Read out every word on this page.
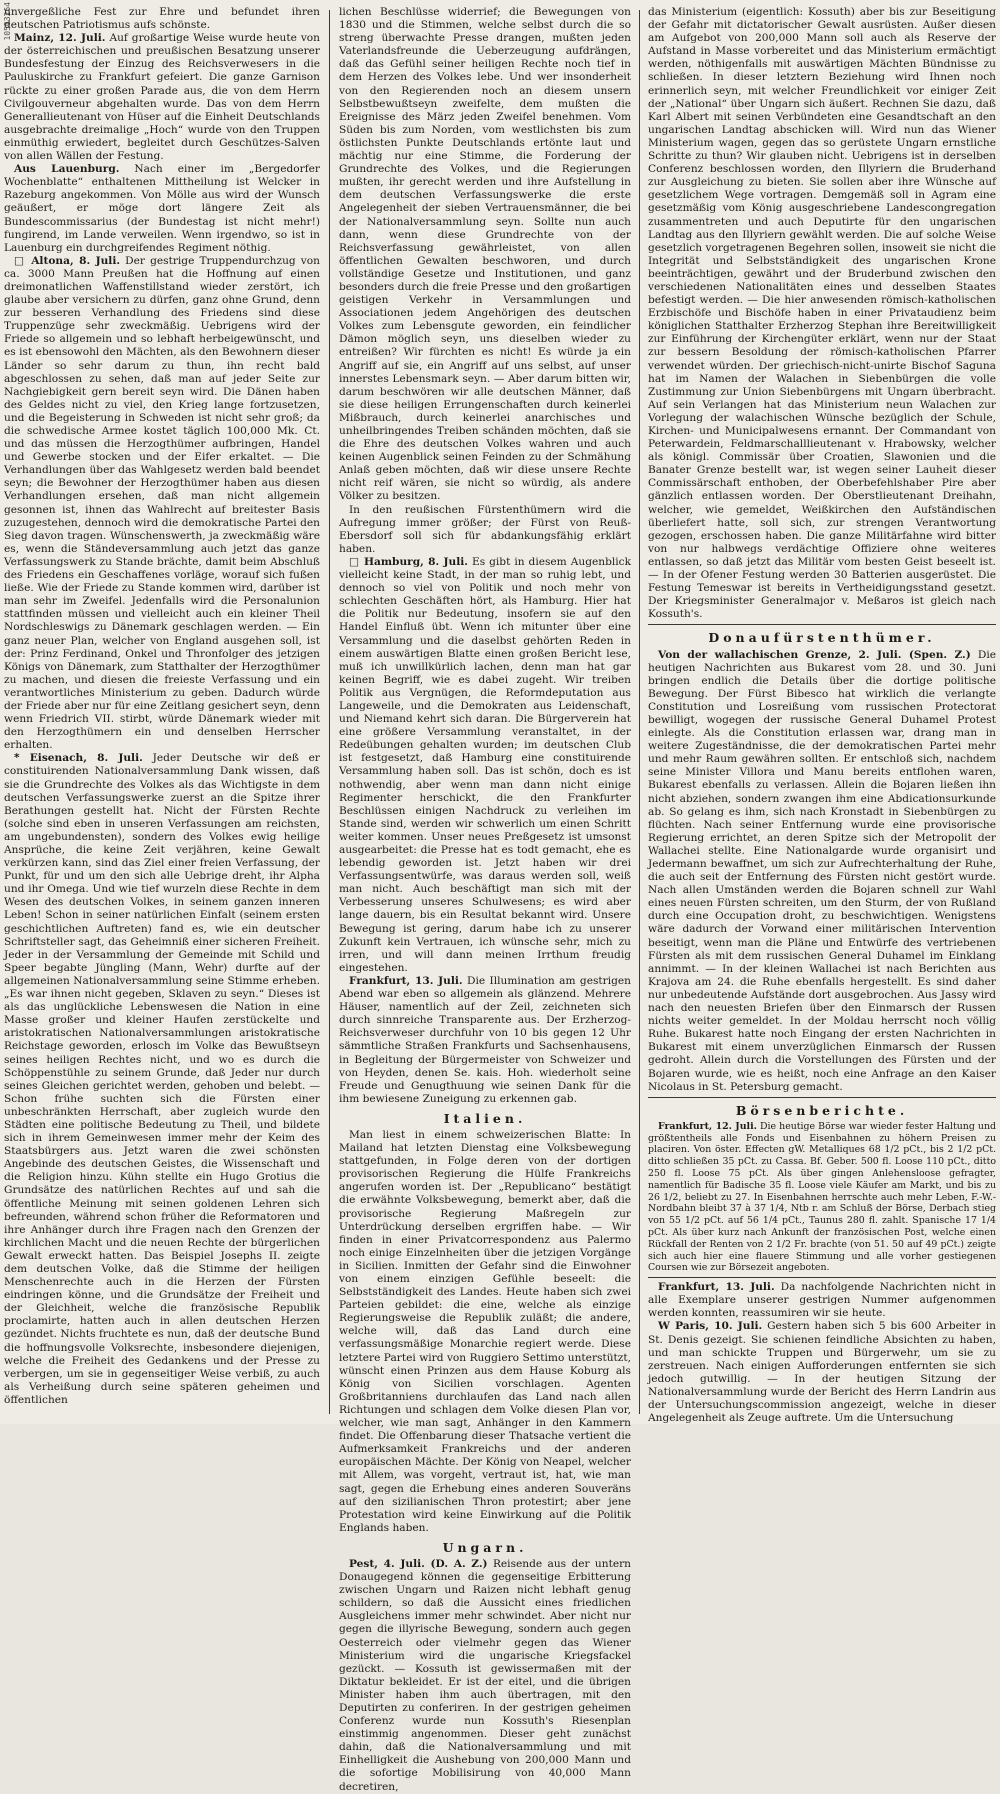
10503264

unvergeßliche Fest zur Ehre und befundet ihren deutschen Patriotismus aufs schönste.

Mainz, 12. Juli. Auf großartige Weise wurde heute von der österreichischen und preußischen Besatzung unserer Bundesfestung der Einzug des Reichsverwesers in die Pauluskirche zu Frankfurt gefeiert. Die ganze Garnison rückte zu einer großen Parade aus, die von dem Herrn Civilgouverneur abgehalten wurde. Das von dem Herrn Generallieutenant von Hüser auf die Einheit Deutschlands ausgebrachte dreimalige „Hoch“ wurde von den Truppen einmüthig erwiedert, begleitet durch Geschützes-Salven von allen Wällen der Festung.

Aus Lauenburg. Nach einer im „Bergedorfer Wochenblatte“ enthaltenen Mittheilung ist Welcker in Razeburg angekommen. Von Mölle aus wird der Wunsch geäußert, er möge dort längere Zeit als Bundescommissarius (der Bundestag ist nicht mehr!) fungirend, im Lande verweilen. Wenn irgendwo, so ist in Lauenburg ein durchgreifendes Regiment nöthig.

□ Altona, 8. Juli. Der gestrige Truppendurchzug von ca. 3000 Mann Preußen hat die Hoffnung auf einen dreimonatlichen Waffenstillstand wieder zerstört, ich glaube aber versichern zu dürfen, ganz ohne Grund, denn zur besseren Verhandlung des Friedens sind diese Truppenzüge sehr zweckmäßig. Uebrigens wird der Friede so allgemein und so lebhaft herbeigewünscht, und es ist ebensowohl den Mächten, als den Bewohnern dieser Länder so sehr darum zu thun, ihn recht bald abgeschlossen zu sehen, daß man auf jeder Seite zur Nachgiebigkeit gern bereit seyn wird. Die Dänen haben des Geldes nicht zu viel, den Krieg lange fortzusetzen, und die Begeisterung in Schweden ist nicht sehr groß; da die schwedische Armee kostet täglich 100,000 Mk. Ct. und das müssen die Herzogthümer aufbringen, Handel und Gewerbe stocken und der Eifer erkaltet. — Die Verhandlungen über das Wahlgesetz werden bald beendet seyn; die Bewohner der Herzogthümer haben aus diesen Verhandlungen ersehen, daß man nicht allgemein gesonnen ist, ihnen das Wahlrecht auf breitester Basis zuzugestehen, dennoch wird die demokratische Partei den Sieg davon tragen. Wünschenswerth, ja zweckmäßig wäre es, wenn die Ständeversammlung auch jetzt das ganze Verfassungswerk zu Stande brächte, damit beim Abschluß des Friedens ein Geschaffenes vorläge, worauf sich fußen ließe. Wie der Friede zu Stande kommen wird, darüber ist man sehr im Zweifel. Jedenfalls wird die Personalunion stattfinden müssen und vielleicht auch ein kleiner Theil Nordschleswigs zu Dänemark geschlagen werden. — Ein ganz neuer Plan, welcher von England ausgehen soll, ist der: Prinz Ferdinand, Onkel und Thronfolger des jetzigen Königs von Dänemark, zum Statthalter der Herzogthümer zu machen, und diesen die freieste Verfassung und ein verantwortliches Ministerium zu geben. Dadurch würde der Friede aber nur für eine Zeitlang gesichert seyn, denn wenn Friedrich VII. stirbt, würde Dänemark wieder mit den Herzogthümern ein und denselben Herrscher erhalten.

* Eisenach, 8. Juli. Jeder Deutsche wir deß er constituirenden Nationalversammlung Dank wissen, daß sie die Grundrechte des Volkes als das Wichtigste in dem deutschen Verfassungswerke zuerst an die Spitze ihrer Berathungen gestellt hat. Nicht der Fürsten Rechte (solche sind eben in unseren Verfassungen am reichsten, am ungebundensten), sondern des Volkes ewig heilige Ansprüche, die keine Zeit verjähren, keine Gewalt verkürzen kann, sind das Ziel einer freien Verfassung, der Punkt, für und um den sich alle Uebrige dreht, ihr Alpha und ihr Omega. Und wie tief wurzeln diese Rechte in dem Wesen des deutschen Volkes, in seinem ganzen inneren Leben! Schon in seiner natürlichen Einfalt (seinem ersten geschichtlichen Auftreten) fand es, wie ein deutscher Schriftsteller sagt, das Geheimniß einer sicheren Freiheit. Jeder in der Versammlung der Gemeinde mit Schild und Speer begabte Jüngling (Mann, Wehr) durfte auf der allgemeinen Nationalversammlung seine Stimme erheben. „Es war ihnen nicht gegeben, Sklaven zu seyn.“ Dieses ist als das unglückliche Lebenswesen die Nation in eine Masse großer und kleiner Haufen zerstückelte und aristokratischen Nationalversammlungen aristokratische Reichstage geworden, erlosch im Volke das Bewußtseyn seines heiligen Rechtes nicht, und wo es durch die Schöppenstühle zu seinem Grunde, daß Jeder nur durch seines Gleichen gerichtet werden, gehoben und belebt. — Schon frühe suchten sich die Fürsten einer unbeschränkten Herrschaft, aber zugleich wurde den Städten eine politische Bedeutung zu Theil, und bildete sich in ihrem Gemeinwesen immer mehr der Keim des Staatsbürgers aus. Jetzt waren die zwei schönsten Angebinde des deutschen Geistes, die Wissenschaft und die Religion hinzu. Kühn stellte ein Hugo Grotius die Grundsätze des natürlichen Rechtes auf und sah die öffentliche Meinung mit seinen goldenen Lehren sich befreunden, während schon früher die Reformatoren und ihre Anhänger durch ihre Fragen nach den Grenzen der kirchlichen Macht und die neuen Rechte der bürgerlichen Gewalt erweckt hatten. Das Beispiel Josephs II. zeigte dem deutschen Volke, daß die Stimme der heiligen Menschenrechte auch in die Herzen der Fürsten eindringen könne, und die Grundsätze der Freiheit und der Gleichheit, welche die französische Republik proclamirte, hatten auch in allen deutschen Herzen gezündet. Nichts fruchtete es nun, daß der deutsche Bund die hoffnungsvolle Volksrechte, insbesondere diejenigen, welche die Freiheit des Gedankens und der Presse zu verbergen, um sie in gegenseitiger Weise verbiß, zu auch als Verheißung durch seine späteren geheimen und öffentlichen

lichen Beschlüsse widerrief; die Bewegungen von 1830 und die Stimmen, welche selbst durch die so streng überwachte Presse drangen, mußten jeden Vaterlandsfreunde die Ueberzeugung aufdrängen, daß das Gefühl seiner heiligen Rechte noch tief in dem Herzen des Volkes lebe. Und wer insonderheit von den Regierenden noch an diesem unsern Selbstbewußtseyn zweifelte, dem mußten die Ereignisse des März jeden Zweifel benehmen. Vom Süden bis zum Norden, vom westlichsten bis zum östlichsten Punkte Deutschlands ertönte laut und mächtig nur eine Stimme, die Forderung der Grundrechte des Volkes, und die Regierungen mußten, ihr gerecht werden und ihre Aufstellung in dem deutschen Verfassungswerke die erste Angelegenheit der sieben Vertrauensmänner, die bei der Nationalversammlung seyn. Sollte nun auch dann, wenn diese Grundrechte von der Reichsverfassung gewährleistet, von allen öffentlichen Gewalten beschworen, und durch vollständige Gesetze und Institutionen, und ganz besonders durch die freie Presse und den großartigen geistigen Verkehr in Versammlungen und Associationen jedem Angehörigen des deutschen Volkes zum Lebensgute geworden, ein feindlicher Dämon möglich seyn, uns dieselben wieder zu entreißen? Wir fürchten es nicht! Es würde ja ein Angriff auf sie, ein Angriff auf uns selbst, auf unser innerstes Lebensmark seyn. — Aber darum bitten wir, darum beschwören wir alle deutschen Männer, daß sie diese heiligen Errungenschaften durch keinerlei Mißbrauch, durch keinerlei anarchisches und unheilbringendes Treiben schänden möchten, daß sie die Ehre des deutschen Volkes wahren und auch keinen Augenblick seinen Feinden zu der Schmähung Anlaß geben möchten, daß wir diese unsere Rechte nicht reif wären, sie nicht so würdig, als andere Völker zu besitzen.

In den reußischen Fürstenthümern wird die Aufregung immer größer; der Fürst von Reuß-Ebersdorf soll sich für abdankungsfähig erklärt haben.

□ Hamburg, 8. Juli. Es gibt in diesem Augenblick vielleicht keine Stadt, in der man so ruhig lebt, und dennoch so viel von Politik und noch mehr von schlechten Geschäften hört, als Hamburg. Hier hat die Politik nur Bedeutung, insofern sie auf den Handel Einfluß übt. Wenn ich mitunter über eine Versammlung und die daselbst gehörten Reden in einem auswärtigen Blatte einen großen Bericht lese, muß ich unwillkürlich lachen, denn man hat gar keinen Begriff, wie es dabei zugeht. Wir treiben Politik aus Vergnügen, die Reformdeputation aus Langeweile, und die Demokraten aus Leidenschaft, und Niemand kehrt sich daran. Die Bürgerverein hat eine größere Versammlung veranstaltet, in der Redeübungen gehalten wurden; im deutschen Club ist festgesetzt, daß Hamburg eine constituirende Versammlung haben soll. Das ist schön, doch es ist nothwendig, aber wenn man dann nicht einige Regimenter herschickt, die den Frankfurter Beschlüssen einigen Nachdruck zu verleihen im Stande sind, werden wir schwerlich um einen Schritt weiter kommen. Unser neues Preßgesetz ist umsonst ausgearbeitet: die Presse hat es todt gemacht, ehe es lebendig geworden ist. Jetzt haben wir drei Verfassungsentwürfe, was daraus werden soll, weiß man nicht. Auch beschäftigt man sich mit der Verbesserung unseres Schulwesens; es wird aber lange dauern, bis ein Resultat bekannt wird. Unsere Bewegung ist gering, darum habe ich zu unserer Zukunft kein Vertrauen, ich wünsche sehr, mich zu irren, und will dann meinen Irrthum freudig eingestehen.

Frankfurt, 13. Juli. Die Illumination am gestrigen Abend war eben so allgemein als glänzend. Mehrere Häuser, namentlich auf der Zeil, zeichneten sich durch sinnreiche Transparente aus. Der Erzherzog-Reichsverweser durchfuhr von 10 bis gegen 12 Uhr sämmtliche Straßen Frankfurts und Sachsenhausens, in Begleitung der Bürgermeister von Schweizer und von Heyden, denen Se. kais. Hoh. wiederholt seine Freude und Genugthuung wie seinen Dank für die ihm bewiesene Zuneigung zu erkennen gab.

Italien.

Man liest in einem schweizerischen Blatte: In Mailand hat letzten Dienstag eine Volksbewegung stattgefunden, in Folge deren von der dortigen provisorischen Regierung die Hülfe Frankreichs angerufen worden ist. Der „Republicano“ bestätigt die erwähnte Volksbewegung, bemerkt aber, daß die provisorische Regierung Maßregeln zur Unterdrückung derselben ergriffen habe. — Wir finden in einer Privatcorrespondenz aus Palermo noch einige Einzelnheiten über die jetzigen Vorgänge in Sicilien. Inmitten der Gefahr sind die Einwohner von einem einzigen Gefühle beseelt: die Selbstständigkeit des Landes. Heute haben sich zwei Parteien gebildet: die eine, welche als einzige Regierungsweise die Republik zuläßt; die andere, welche will, daß das Land durch eine verfassungsmäßige Monarchie regiert werde. Diese letztere Partei wird von Ruggiero Settimo unterstützt, wünscht einen Prinzen aus dem Hause Koburg als König von Sicilien vorschlagen. Agenten Großbritanniens durchlaufen das Land nach allen Richtungen und schlagen dem Volke diesen Plan vor, welcher, wie man sagt, Anhänger in den Kammern findet. Die Offenbarung dieser Thatsache vertient die Aufmerksamkeit Frankreichs und der anderen europäischen Mächte. Der König von Neapel, welcher mit Allem, was vorgeht, vertraut ist, hat, wie man sagt, gegen die Erhebung eines anderen Souveräns auf den sizilianischen Thron protestirt; aber jene Protestation wird keine Einwirkung auf die Politik Englands haben.

Ungarn.

Pest, 4. Juli. (D. A. Z.) Reisende aus der untern Donaugegend können die gegenseitige Erbitterung zwischen Ungarn und Raizen nicht lebhaft genug schildern, so daß die Aussicht eines friedlichen Ausgleichens immer mehr schwindet. Aber nicht nur gegen die illyrische Bewegung, sondern auch gegen Oesterreich oder vielmehr gegen das Wiener Ministerium wird die ungarische Kriegsfackel gezückt. — Kossuth ist gewissermaßen mit der Diktatur bekleidet. Er ist der eitel, und die übrigen Minister haben ihm auch übertragen, mit den Deputirten zu conferiren. In der gestrigen geheimen Conferenz wurde nun Kossuth's Riesenplan einstimmig angenommen. Dieser geht zunächst dahin, daß die Nationalversammlung und mit Einhelligkeit die Aushebung von 200,000 Mann und die sofortige Mobilisirung von 40,000 Mann decretiren,

das Ministerium (eigentlich: Kossuth) aber bis zur Beseitigung der Gefahr mit dictatorischer Gewalt ausrüsten. Außer diesen am Aufgebot von 200,000 Mann soll auch als Reserve der Aufstand in Masse vorbereitet und das Ministerium ermächtigt werden, nöthigenfalls mit auswärtigen Mächten Bündnisse zu schließen. In dieser letztern Beziehung wird Ihnen noch erinnerlich seyn, mit welcher Freundlichkeit vor einiger Zeit der „National“ über Ungarn sich äußert. Rechnen Sie dazu, daß Karl Albert mit seinen Verbündeten eine Gesandtschaft an den ungarischen Landtag abschicken will. Wird nun das Wiener Ministerium wagen, gegen das so gerüstete Ungarn ernstliche Schritte zu thun? Wir glauben nicht. Uebrigens ist in derselben Conferenz beschlossen worden, den Illyriern die Bruderhand zur Ausgleichung zu bieten. Sie sollen aber ihre Wünsche auf gesetzlichem Wege vortragen. Demgemäß soll in Agram eine gesetzmäßig vom König ausgeschriebene Landescongregation zusammentreten und auch Deputirte für den ungarischen Landtag aus den Illyriern gewählt werden. Die auf solche Weise gesetzlich vorgetragenen Begehren sollen, insoweit sie nicht die Integrität und Selbstständigkeit des ungarischen Krone beeinträchtigen, gewährt und der Bruderbund zwischen den verschiedenen Nationalitäten eines und desselben Staates befestigt werden. — Die hier anwesenden römisch-katholischen Erzbischöfe und Bischöfe haben in einer Privataudienz beim königlichen Statthalter Erzherzog Stephan ihre Bereitwilligkeit zur Einführung der Kirchengüter erklärt, wenn nur der Staat zur bessern Besoldung der römisch-katholischen Pfarrer verwendet würden. Der griechisch-nicht-unirte Bischof Saguna hat im Namen der Walachen in Siebenbürgen die volle Zustimmung zur Union Siebenbürgens mit Ungarn überbracht. Auf sein Verlangen hat das Ministerium neun Walachen zur Vorlegung der walachischen Wünsche bezüglich der Schule, Kirchen- und Municipalwesens ernannt. Der Commandant von Peterwardein, Feldmarschalllieutenant v. Hrabowsky, welcher als königl. Commissär über Croatien, Slawonien und die Banater Grenze bestellt war, ist wegen seiner Lauheit dieser Commissärschaft enthoben, der Oberbefehlshaber Pire aber gänzlich entlassen worden. Der Oberstlieutenant Dreihahn, welcher, wie gemeldet, Weißkirchen den Aufständischen überliefert hatte, soll sich, zur strengen Verantwortung gezogen, erschossen haben. Die ganze Militärfahne wird bitter von nur halbwegs verdächtige Offiziere ohne weiteres entlassen, so daß jetzt das Militär vom besten Geist beseelt ist. — In der Ofener Festung werden 30 Batterien ausgerüstet. Die Festung Temeswar ist bereits in Vertheidigungsstand gesetzt. Der Kriegsminister Generalmajor v. Meßaros ist gleich nach Kossuth's.

Donaufürstenthümer.

Von der wallachischen Grenze, 2. Juli. (Spen. Z.) Die heutigen Nachrichten aus Bukarest vom 28. und 30. Juni bringen endlich die Details über die dortige politische Bewegung. Der Fürst Bibesco hat wirklich die verlangte Constitution und Losreißung vom russischen Protectorat bewilligt, wogegen der russische General Duhamel Protest einlegte. Als die Constitution erlassen war, drang man in weitere Zugeständnisse, die der demokratischen Partei mehr und mehr Raum gewähren sollten. Er entschloß sich, nachdem seine Minister Villora und Manu bereits entflohen waren, Bukarest ebenfalls zu verlassen. Allein die Bojaren ließen ihn nicht abziehen, sondern zwangen ihm eine Abdicationsurkunde ab. So gelang es ihm, sich nach Kronstadt in Siebenbürgen zu flüchten. Nach seiner Entfernung wurde eine provisorische Regierung errichtet, an deren Spitze sich der Metropolit der Wallachei stellte. Eine Nationalgarde wurde organisirt und Jedermann bewaffnet, um sich zur Aufrechterhaltung der Ruhe, die auch seit der Entfernung des Fürsten nicht gestört wurde. Nach allen Umständen werden die Bojaren schnell zur Wahl eines neuen Fürsten schreiten, um den Sturm, der von Rußland durch eine Occupation droht, zu beschwichtigen. Wenigstens wäre dadurch der Vorwand einer militärischen Intervention beseitigt, wenn man die Pläne und Entwürfe des vertriebenen Fürsten als mit dem russischen General Duhamel im Einklang annimmt. — In der kleinen Wallachei ist nach Berichten aus Krajova am 24. die Ruhe ebenfalls hergestellt. Es sind daher nur unbedeutende Aufstände dort ausgebrochen. Aus Jassy wird nach den neuesten Briefen über den Einmarsch der Russen nichts weiter gemeldet. In der Moldau herrscht noch völlig Ruhe. Bukarest hatte noch Eingang der ersten Nachrichten in Bukarest mit einem unverzüglichen Einmarsch der Russen gedroht. Allein durch die Vorstellungen des Fürsten und der Bojaren wurde, wie es heißt, noch eine Anfrage an den Kaiser Nicolaus in St. Petersburg gemacht.

Börsenberichte.

Frankfurt, 12. Juli. Die heutige Börse war wieder fester Haltung und größtentheils alle Fonds und Eisenbahnen zu höhern Preisen zu placiren. Von öster. Effecten gW. Metalliques 68 1/2 pCt., bis 2 1/2 pCt. ditto schließen 35 pCt. zu Cassa. Bf. Geber. 500 fl. Loose 110 pCt., ditto 250 fl. Loose 75 pCt. Als über gingen Anlehensloose gefragter, namentlich für Badische 35 fl. Loose viele Käufer am Markt, und bis zu 26 1/2, beliebt zu 27. In Eisenbahnen herrschte auch mehr Leben, F.-W.-Nordbahn bleibt 37 à 37 1/4, Ntb r. am Schluß der Börse, Derbach stieg von 55 1/2 pCt. auf 56 1/4 pCt., Taunus 280 fl. zahlt. Spanische 17 1/4 pCt. Als über kurz nach Ankunft der französischen Post, welche einen Rückfall der Renten von 2 1/2 Fr. brachte (von 51. 50 auf 49 pCt.) zeigte sich auch hier eine flauere Stimmung und alle vorher gestiegenen Coursen wie zur Börsezeit angeboten.

Frankfurt, 13. Juli. Da nachfolgende Nachrichten nicht in alle Exemplare unserer gestrigen Nummer aufgenommen werden konnten, reassumiren wir sie heute.

W Paris, 10. Juli. Gestern haben sich 5 bis 600 Arbeiter in St. Denis gezeigt. Sie schienen feindliche Absichten zu haben, und man schickte Truppen und Bürgerwehr, um sie zu zerstreuen. Nach einigen Aufforderungen entfernten sie sich jedoch gutwillig. — In der heutigen Sitzung der Nationalversammlung wurde der Bericht des Herrn Landrin aus der Untersuchungscommission angezeigt, welche in dieser Angelegenheit als Zeuge auftrete. Um die Untersuchung
